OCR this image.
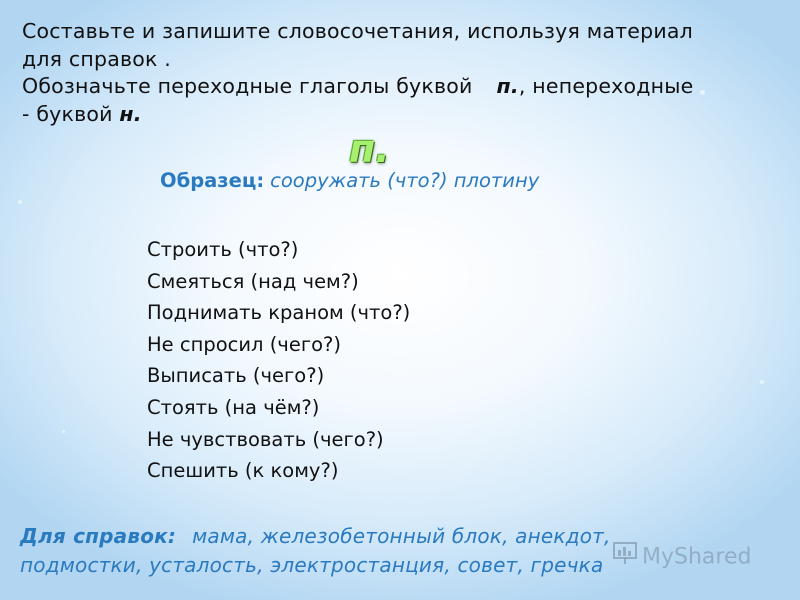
Составьте и запишите словосочетания, используя материал
для справок .
Обозначьте переходные глаголы буквой п., непереходные
- буквой н.
п.
Образец: сооружать (что?) плотину
Строить (что?)
Смеяться (над чем?)
Поднимать краном (что?)
Не спросил (чего?)
Выписать (чего?)
Стоять (на чём?)
Не чувствовать (чего?)
Спешить (к кому?)
Для справок: мама, железобетонный блок, анекдот,
подмостки, усталость, электростанция, совет, гречка	MyShared
